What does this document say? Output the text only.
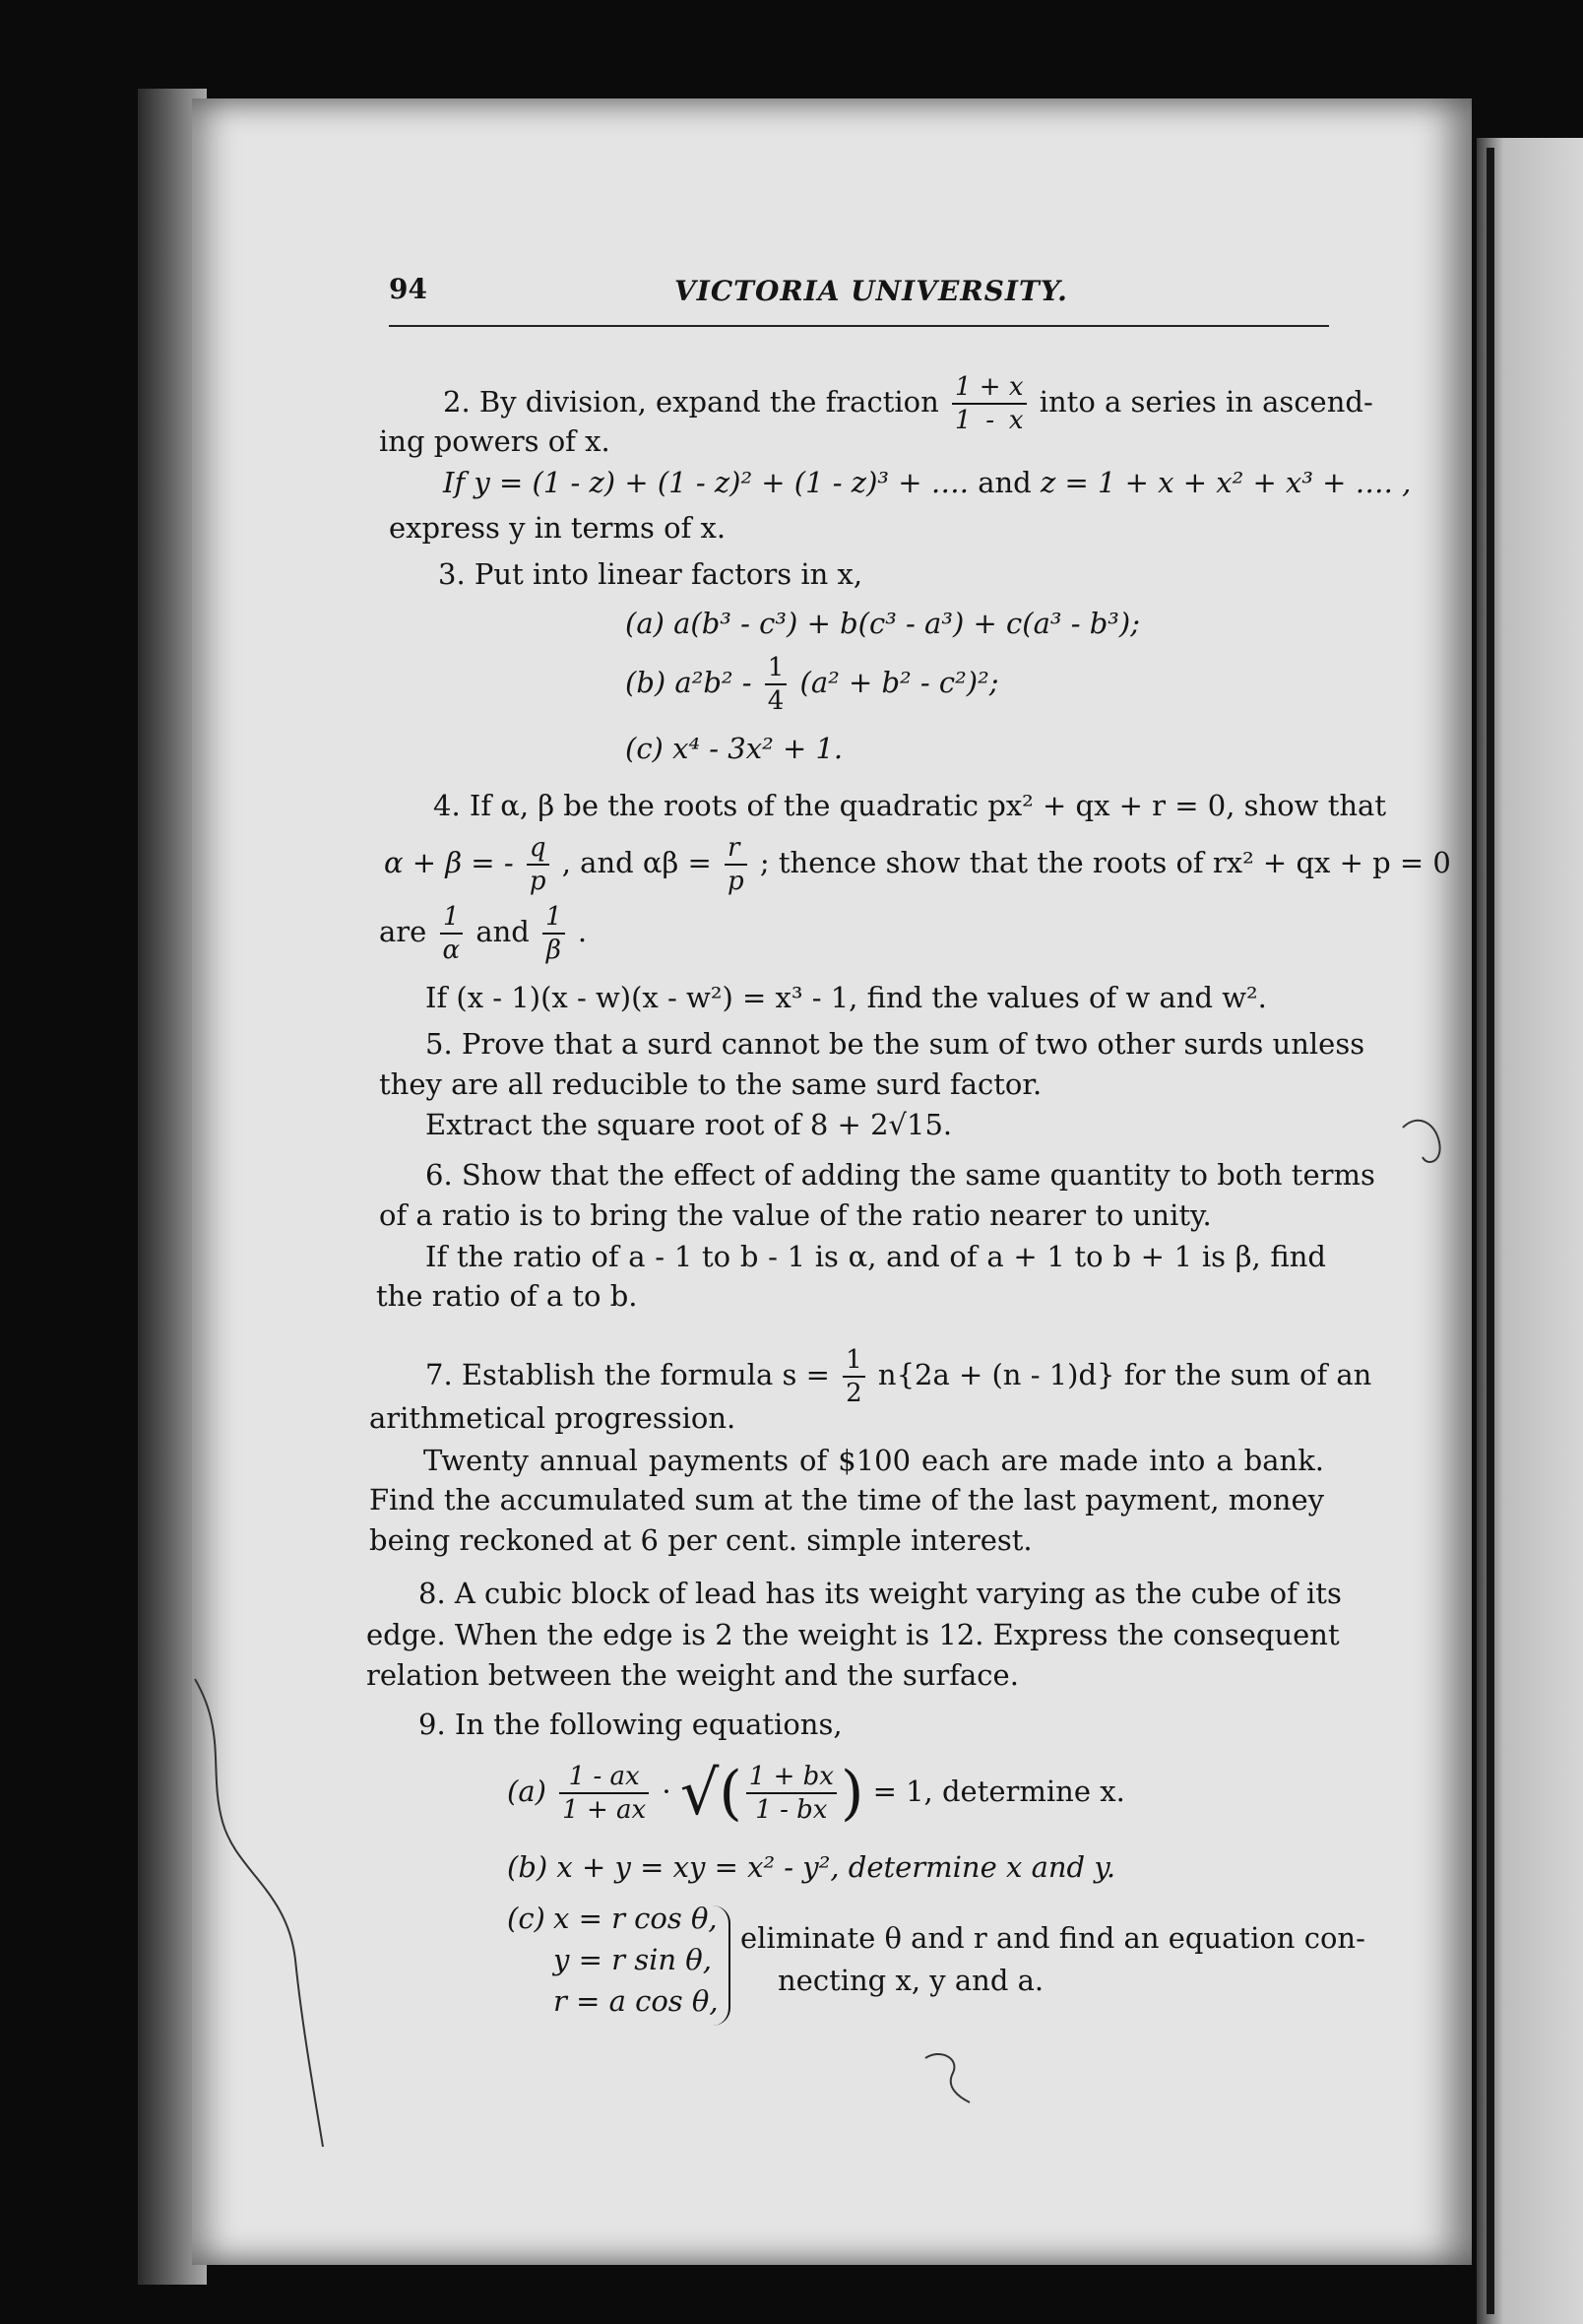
94	VICTORIA UNIVERSITY.
2. By division, expand the fraction $\frac{1 + x}{1 - x}$ into a series in ascend-
ing powers of x.
If y = (1 - z) + (1 - z)² + (1 - z)³ + …. and z = 1 + x + x² + x³ + …. ,
express y in terms of x.
3. Put into linear factors in x,
(a) a(b³ - c³) + b(c³ - a³) + c(a³ - b³);
(b) $a^2b^2 - \frac{1}{4} (a^2 + b^2 - c^2)^2$;
(c) x⁴ - 3x² + 1.
4. If α, β be the roots of the quadratic px² + qx + r = 0, show that
α + β = - $\frac{q}{p}$ , and $\alpha\beta = \frac{r}{p}$ ; thence show that the roots of rx² + qx + p = 0
are $\frac{1}{\alpha}$ and $\frac{1}{\beta}$ .
If (x - 1)(x - w)(x - w²) = x³ - 1, find the values of w and w².
5. Prove that a surd cannot be the sum of two other surds unless
they are all reducible to the same surd factor.
Extract the square root of 8 + 2√15.
6. Show that the effect of adding the same quantity to both terms
of a ratio is to bring the value of the ratio nearer to unity.
If the ratio of a - 1 to b - 1 is α, and of a + 1 to b + 1 is β, find
the ratio of a to b.
7. Establish the formula $s = \frac{1}{2} n\{2a + (n - 1)d\}$ for the sum of an
arithmetical progression.
Twenty annual payments of $100 each are made into a bank.
Find the accumulated sum at the time of the last payment, money
being reckoned at 6 per cent. simple interest.
8. A cubic block of lead has its weight varying as the cube of its
edge. When the edge is 2 the weight is 12. Express the consequent
relation between the weight and the surface.
9. In the following equations,
$(a) \frac{1 - ax}{1 + ax}$ · √( $\frac{1 + bx}{1 - bx}$ ) = 1, determine x.
(b) x + y = xy = x² - y², determine x and y.
(c) x = r cos θ,
y = r sin θ,
r = a cos θ,
eliminate θ and r and find an equation con-
necting x, y and a.
